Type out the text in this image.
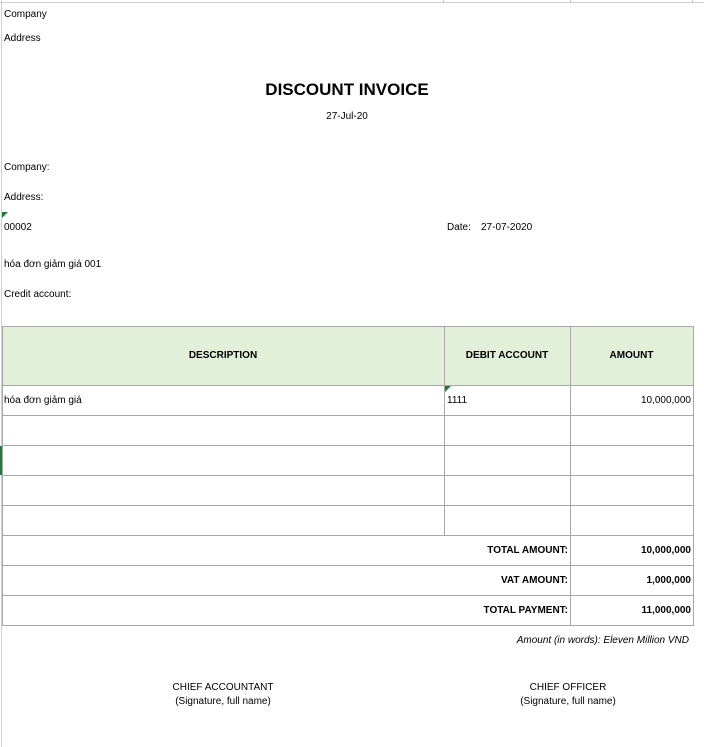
Company
Address
DISCOUNT INVOICE
27-Jul-20
Company:
Address:
00002	Date: 27-07-2020
hóa đơn giảm giá 001
Credit account:
DESCRIPTION	DEBIT ACCOUNT	AMOUNT
hóa đơn giảm giá	1111	10,000,000
TOTAL AMOUNT:	10,000,000
VAT AMOUNT:	1,000,000
TOTAL PAYMENT:	11,000,000
Amount (in words): Eleven Million VND
CHIEF ACCOUNTANT
(Signature, full name)
CHIEF OFFICER
(Signature, full name)
